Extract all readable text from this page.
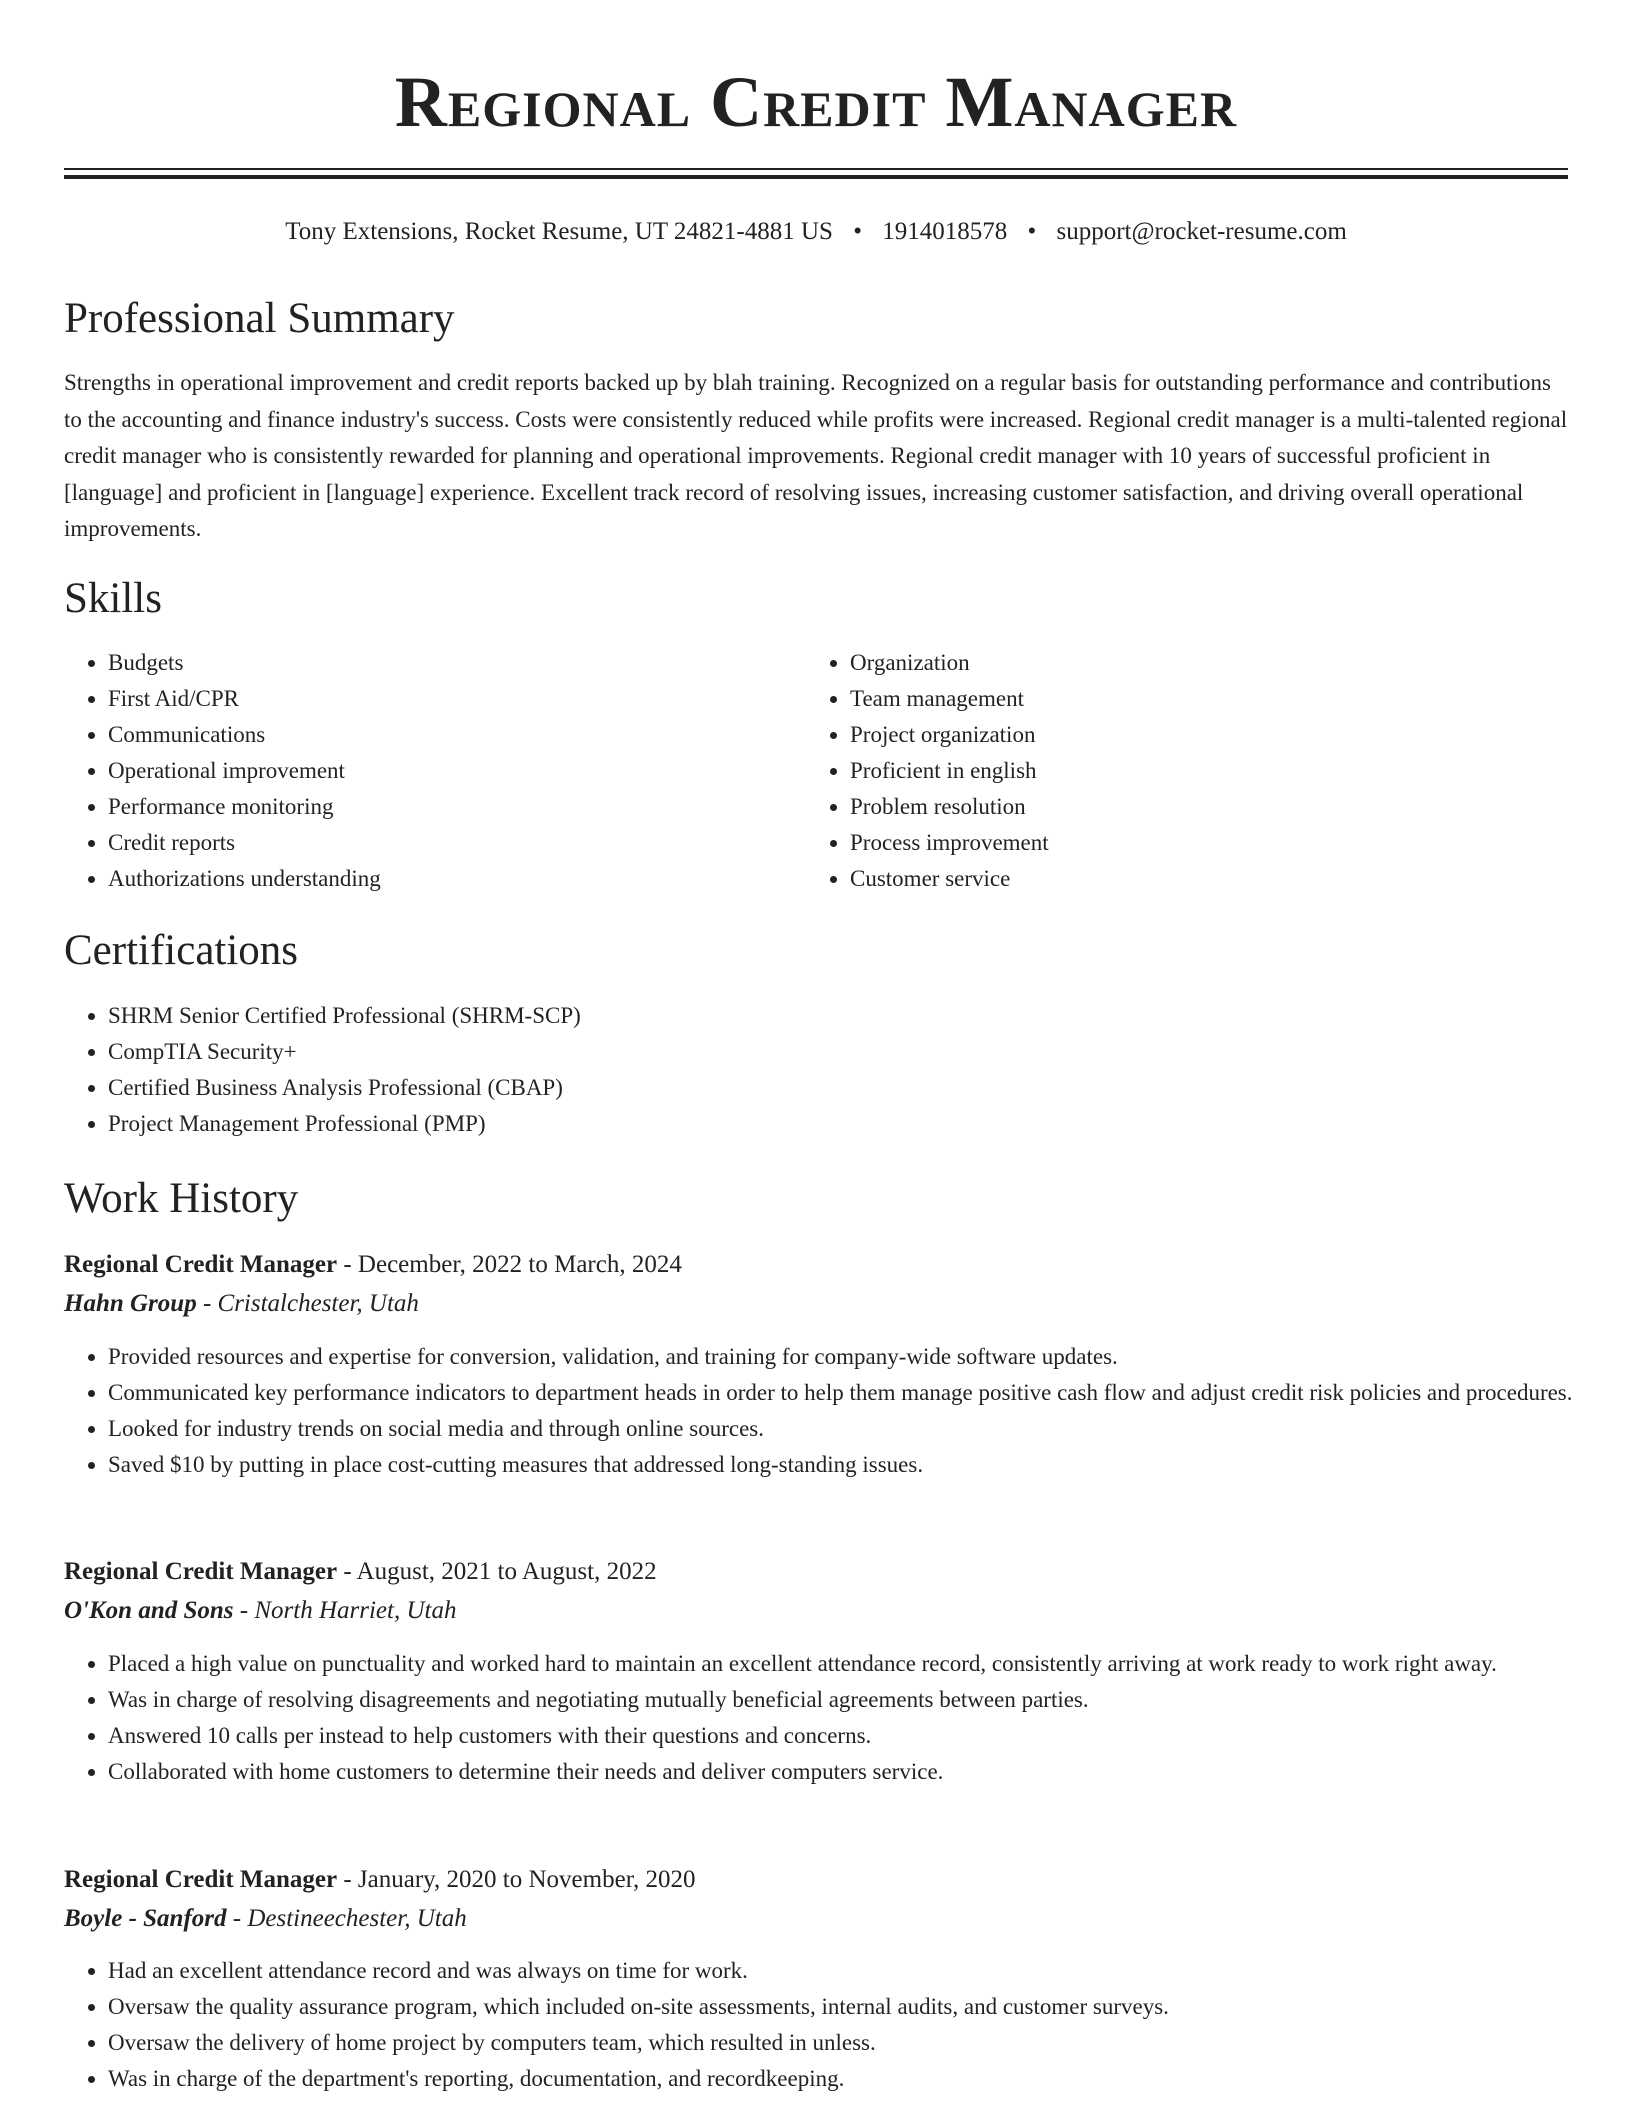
Regional Credit Manager
Tony Extensions, Rocket Resume, UT 24821-4881 US • 1914018578 • support@rocket-resume.com
Professional Summary

Strengths in operational improvement and credit reports backed up by blah training. Recognized on a regular basis for outstanding performance and contributions to the accounting and finance industry's success. Costs were consistently reduced while profits were increased. Regional credit manager is a multi-talented regional credit manager who is consistently rewarded for planning and operational improvements. Regional credit manager with 10 years of successful proficient in [language] and proficient in [language] experience. Excellent track record of resolving issues, increasing customer satisfaction, and driving overall operational improvements.

Skills
• Budgets
• First Aid/CPR
• Communications
• Operational improvement
• Performance monitoring
• Credit reports
• Authorizations understanding
• Organization
• Team management
• Project organization
• Proficient in english
• Problem resolution
• Process improvement
• Customer service
Certifications
• SHRM Senior Certified Professional (SHRM-SCP)
• CompTIA Security+
• Certified Business Analysis Professional (CBAP)
• Project Management Professional (PMP)
Work History
Regional Credit Manager - December, 2022 to March, 2024
Hahn Group - Cristalchester, Utah
• Provided resources and expertise for conversion, validation, and training for company-wide software updates.
• Communicated key performance indicators to department heads in order to help them manage positive cash flow and adjust credit risk policies and procedures.
• Looked for industry trends on social media and through online sources.
• Saved $10 by putting in place cost-cutting measures that addressed long-standing issues.
Regional Credit Manager - August, 2021 to August, 2022
O'Kon and Sons - North Harriet, Utah
• Placed a high value on punctuality and worked hard to maintain an excellent attendance record, consistently arriving at work ready to work right away.
• Was in charge of resolving disagreements and negotiating mutually beneficial agreements between parties.
• Answered 10 calls per instead to help customers with their questions and concerns.
• Collaborated with home customers to determine their needs and deliver computers service.
Regional Credit Manager - January, 2020 to November, 2020
Boyle - Sanford - Destineechester, Utah
• Had an excellent attendance record and was always on time for work.
• Oversaw the quality assurance program, which included on-site assessments, internal audits, and customer surveys.
• Oversaw the delivery of home project by computers team, which resulted in unless.
• Was in charge of the department's reporting, documentation, and recordkeeping.
